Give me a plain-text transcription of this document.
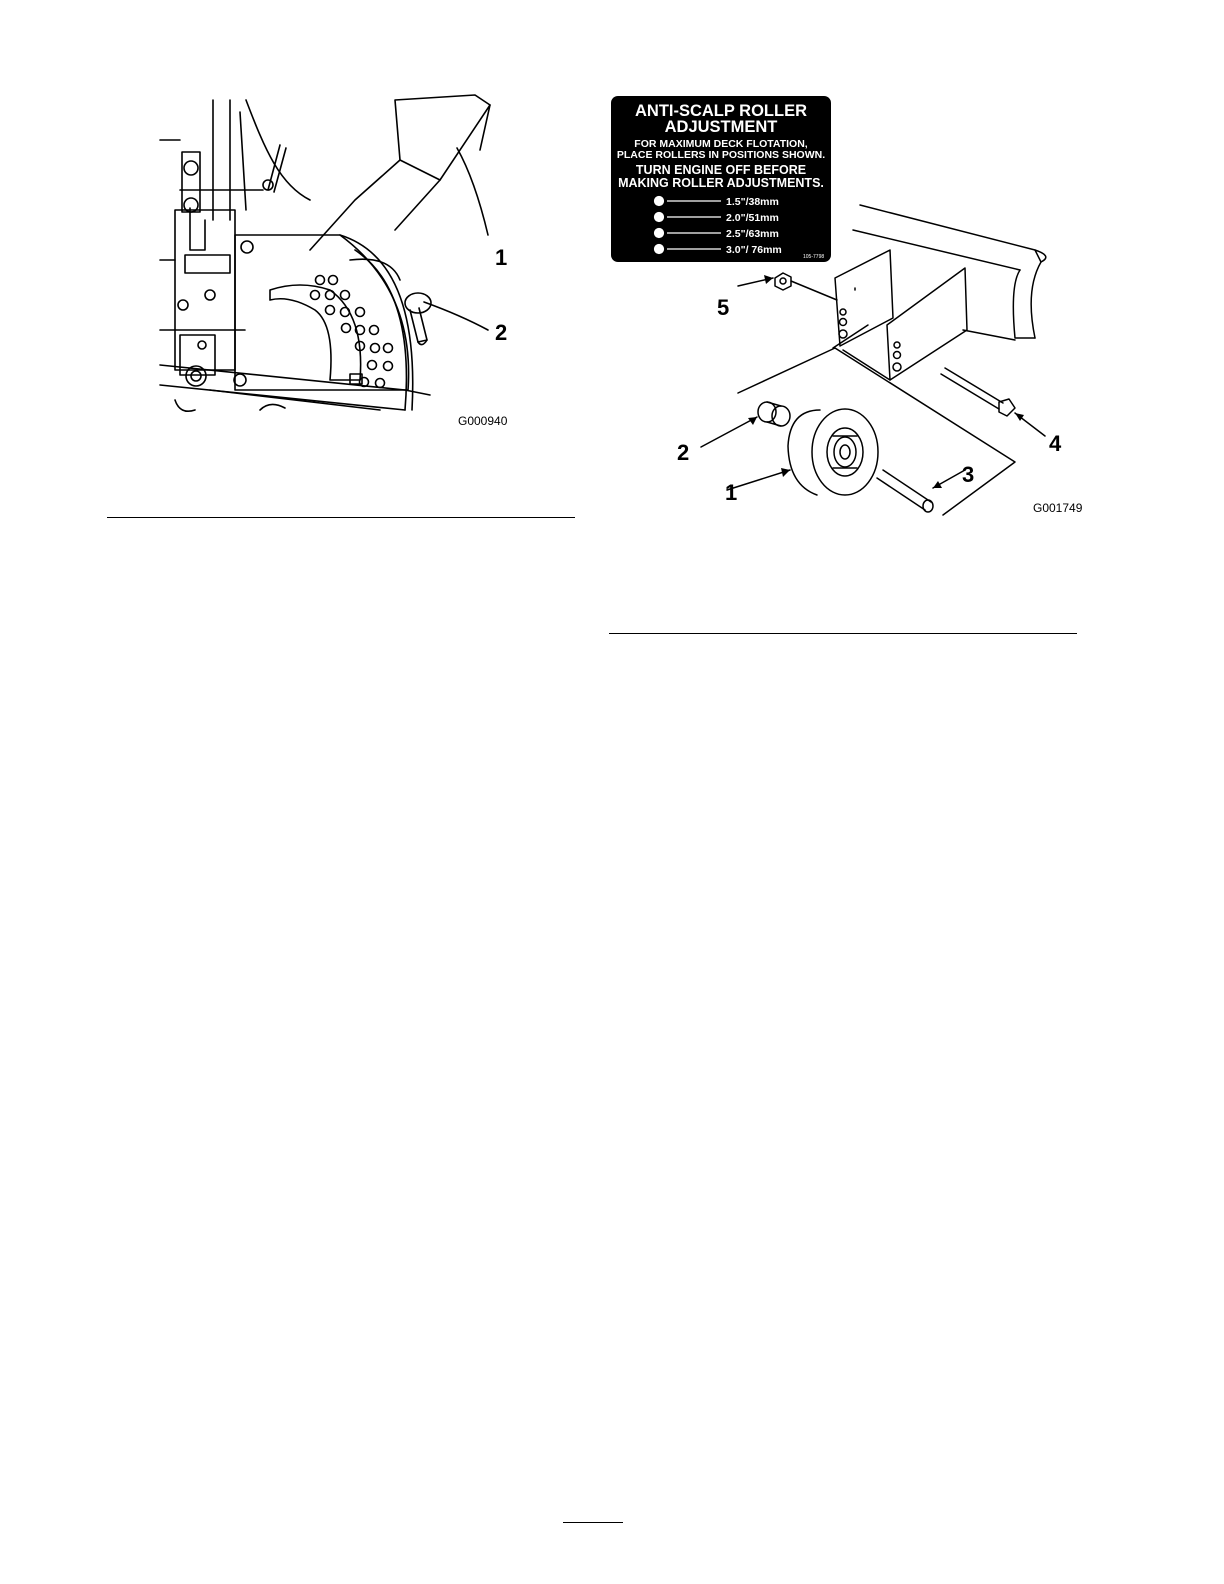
1
2
G000940
ANTI-SCALP ROLLER
ADJUSTMENT
FOR MAXIMUM DECK FLOTATION,
PLACE ROLLERS IN POSITIONS SHOWN.
TURN ENGINE OFF BEFORE
MAKING ROLLER ADJUSTMENTS.
1.5"/38mm
2.0"/51mm
2.5"/63mm
3.0"/ 76mm
105-7798
5
2
1
3
4
G001749
